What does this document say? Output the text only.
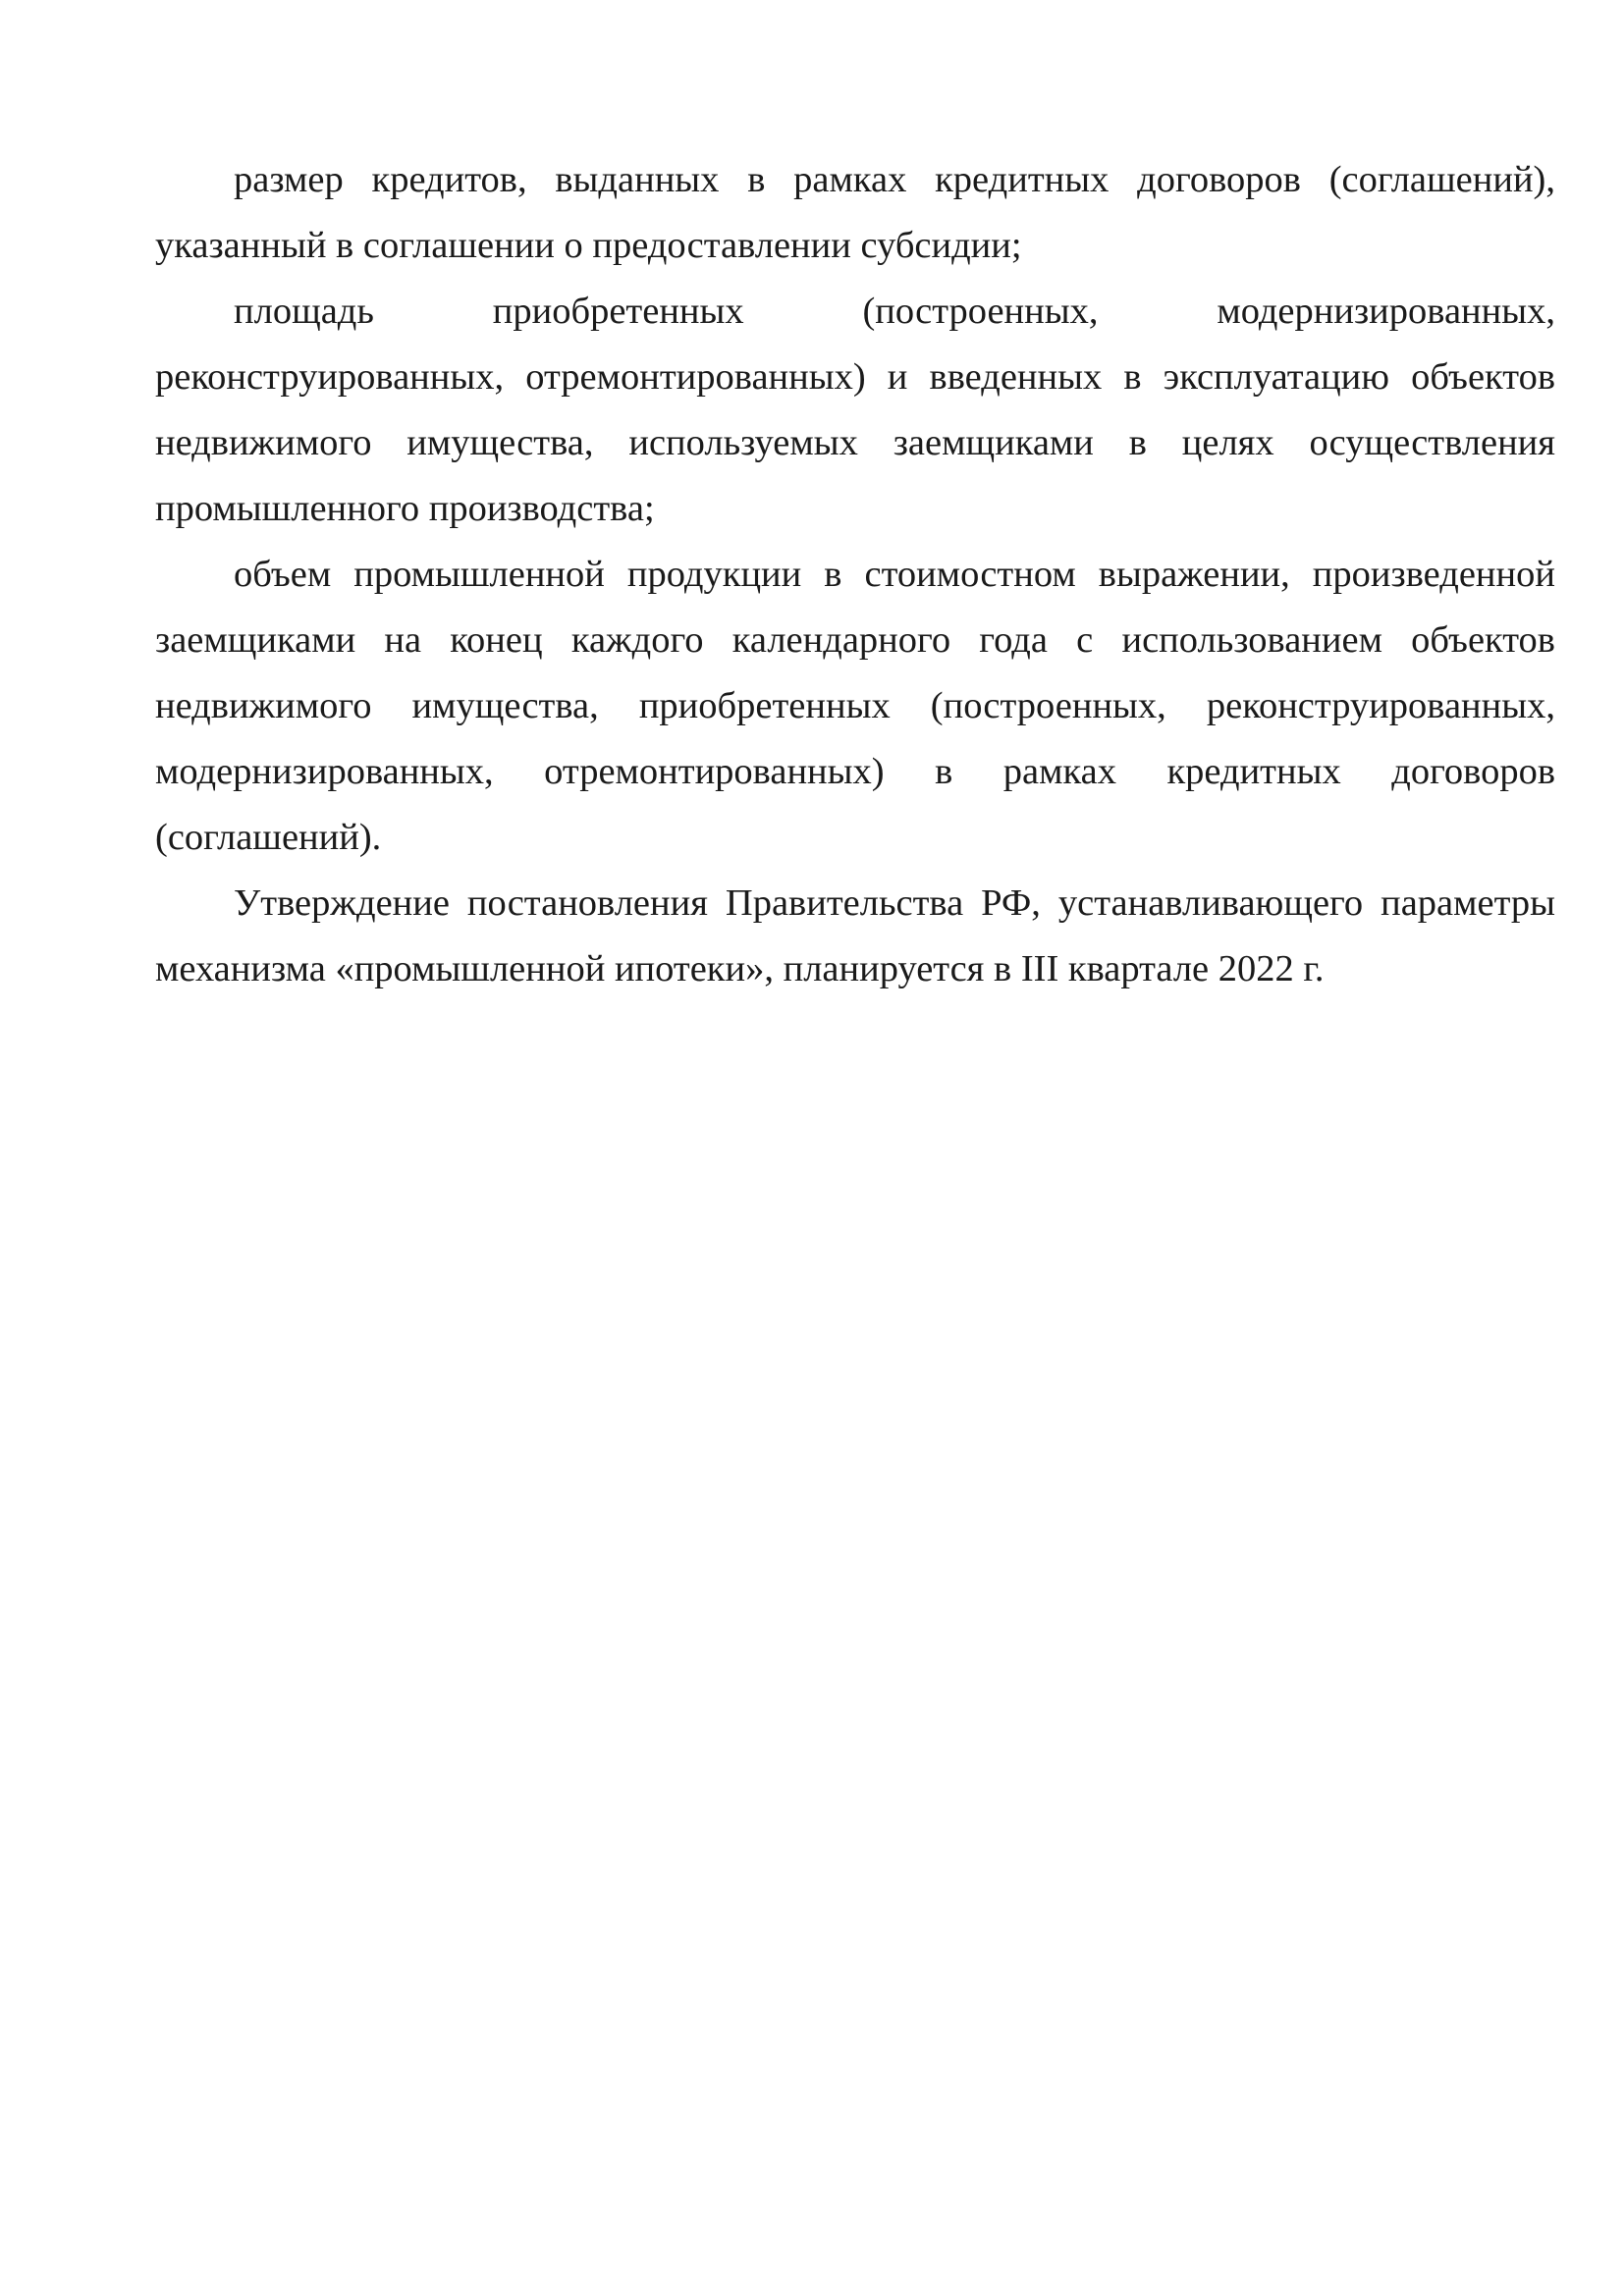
размер кредитов, выданных в рамках кредитных договоров (соглашений), указанный в соглашении о предоставлении субсидии;

площадь приобретенных (построенных, модернизированных, реконструированных, отремонтированных) и введенных в эксплуатацию объектов недвижимого имущества, используемых заемщиками в целях осуществления промышленного производства;

объем промышленной продукции в стоимостном выражении, произведенной заемщиками на конец каждого календарного года с использованием объектов недвижимого имущества, приобретенных (построенных, реконструированных, модернизированных, отремонтированных) в рамках кредитных договоров (соглашений).

Утверждение постановления Правительства РФ, устанавливающего параметры механизма «промышленной ипотеки», планируется в III квартале 2022 г.
